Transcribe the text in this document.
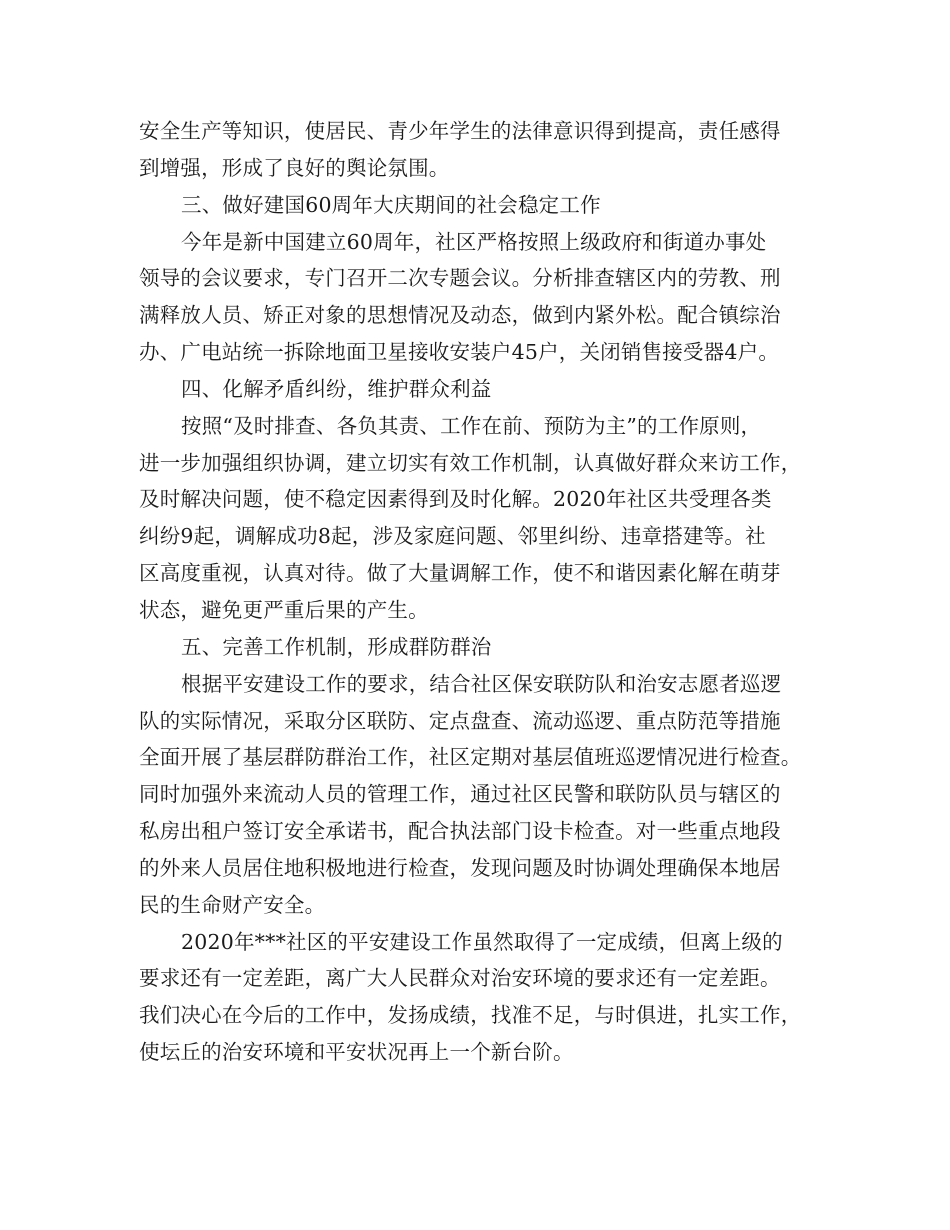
安全生产等知识，使居民、青少年学生的法律意识得到提高，责任感得
到增强，形成了良好的舆论氛围。
三、做好建国60周年大庆期间的社会稳定工作
今年是新中国建立60周年，社区严格按照上级政府和街道办事处
领导的会议要求，专门召开二次专题会议。分析排查辖区内的劳教、刑
满释放人员、矫正对象的思想情况及动态，做到内紧外松。配合镇综治
办、广电站统一拆除地面卫星接收安装户45户，关闭销售接受器4户。
四、化解矛盾纠纷，维护群众利益
按照“及时排查、各负其责、工作在前、预防为主”的工作原则，
进一步加强组织协调，建立切实有效工作机制，认真做好群众来访工作，
及时解决问题，使不稳定因素得到及时化解。2020年社区共受理各类
纠纷9起，调解成功8起，涉及家庭问题、邻里纠纷、违章搭建等。社
区高度重视，认真对待。做了大量调解工作，使不和谐因素化解在萌芽
状态，避免更严重后果的产生。
五、完善工作机制，形成群防群治
根据平安建设工作的要求，结合社区保安联防队和治安志愿者巡逻
队的实际情况，采取分区联防、定点盘查、流动巡逻、重点防范等措施
全面开展了基层群防群治工作，社区定期对基层值班巡逻情况进行检查。
同时加强外来流动人员的管理工作，通过社区民警和联防队员与辖区的
私房出租户签订安全承诺书，配合执法部门设卡检查。对一些重点地段
的外来人员居住地积极地进行检查，发现问题及时协调处理确保本地居
民的生命财产安全。
2020年***社区的平安建设工作虽然取得了一定成绩，但离上级的
要求还有一定差距，离广大人民群众对治安环境的要求还有一定差距。
我们决心在今后的工作中，发扬成绩，找准不足，与时俱进，扎实工作，
使坛丘的治安环境和平安状况再上一个新台阶。
